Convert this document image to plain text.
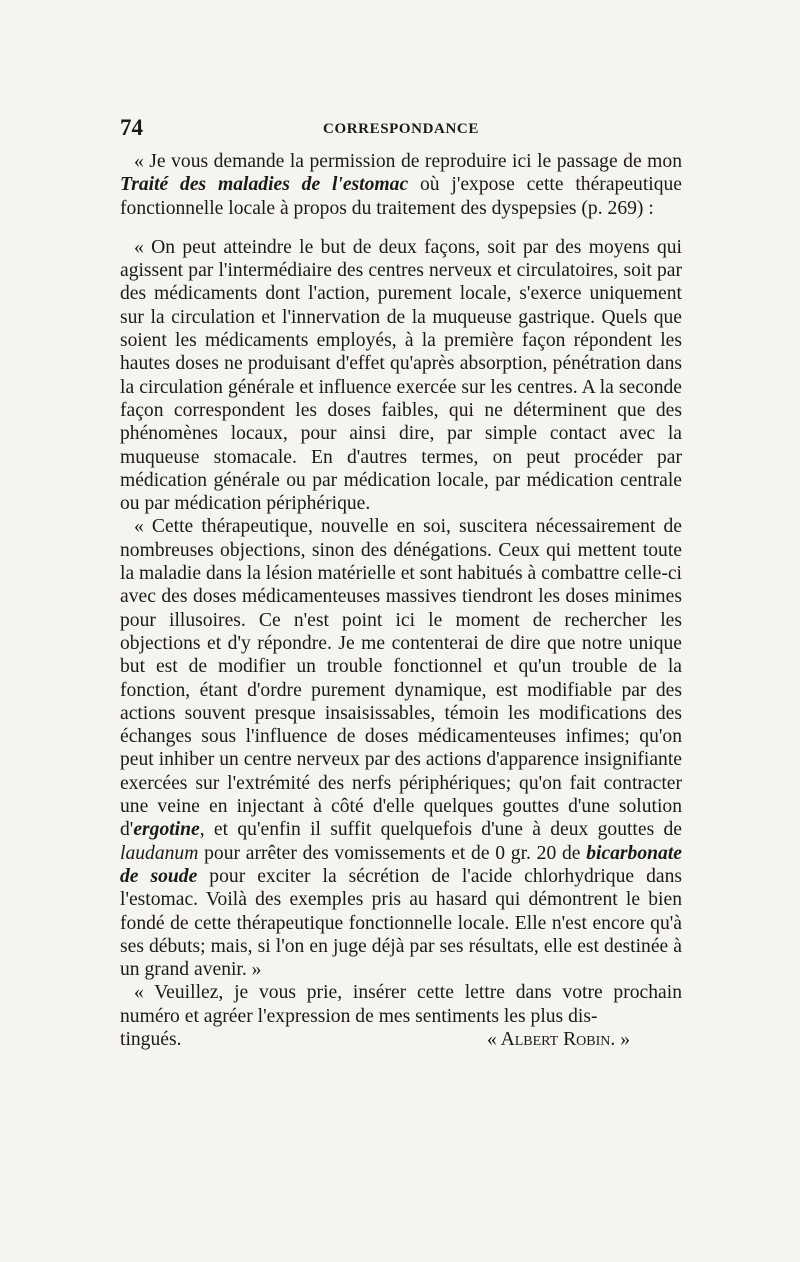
74	CORRESPONDANCE

« Je vous demande la permission de reproduire ici le passage de mon Traité des maladies de l'estomac où j'expose cette thérapeutique fonctionnelle locale à propos du traitement des dyspepsies (p. 269) :

« On peut atteindre le but de deux façons, soit par des moyens qui agissent par l'intermédiaire des centres nerveux et circulatoires, soit par des médicaments dont l'action, purement locale, s'exerce uniquement sur la circulation et l'innervation de la muqueuse gastrique. Quels que soient les médicaments employés, à la première façon répondent les hautes doses ne produisant d'effet qu'après absorption, pénétration dans la circulation générale et influence exercée sur les centres. A la seconde façon correspondent les doses faibles, qui ne déterminent que des phénomènes locaux, pour ainsi dire, par simple contact avec la muqueuse stomacale. En d'autres termes, on peut procéder par médication générale ou par médication locale, par médication centrale ou par médication périphérique.

« Cette thérapeutique, nouvelle en soi, suscitera nécessairement de nombreuses objections, sinon des dénégations. Ceux qui mettent toute la maladie dans la lésion matérielle et sont habitués à combattre celle-ci avec des doses médicamenteuses massives tiendront les doses minimes pour illusoires. Ce n'est point ici le moment de rechercher les objections et d'y répondre. Je me contenterai de dire que notre unique but est de modifier un trouble fonctionnel et qu'un trouble de la fonction, étant d'ordre purement dynamique, est modifiable par des actions souvent presque insaisissables, témoin les modifications des échanges sous l'influence de doses médicamenteuses infimes; qu'on peut inhiber un centre nerveux par des actions d'apparence insignifiante exercées sur l'extrémité des nerfs périphériques; qu'on fait contracter une veine en injectant à côté d'elle quelques gouttes d'une solution d'ergotine, et qu'enfin il suffit quelquefois d'une à deux gouttes de laudanum pour arrêter des vomissements et de 0 gr. 20 de bicarbonate de soude pour exciter la sécrétion de l'acide chlorhydrique dans l'estomac. Voilà des exemples pris au hasard qui démontrent le bien fondé de cette thérapeutique fonctionnelle locale. Elle n'est encore qu'à ses débuts; mais, si l'on en juge déjà par ses résultats, elle est destinée à un grand avenir. »

« Veuillez, je vous prie, insérer cette lettre dans votre prochain numéro et agréer l'expression de mes sentiments les plus dis-

tingués.	« Albert Robin. »
